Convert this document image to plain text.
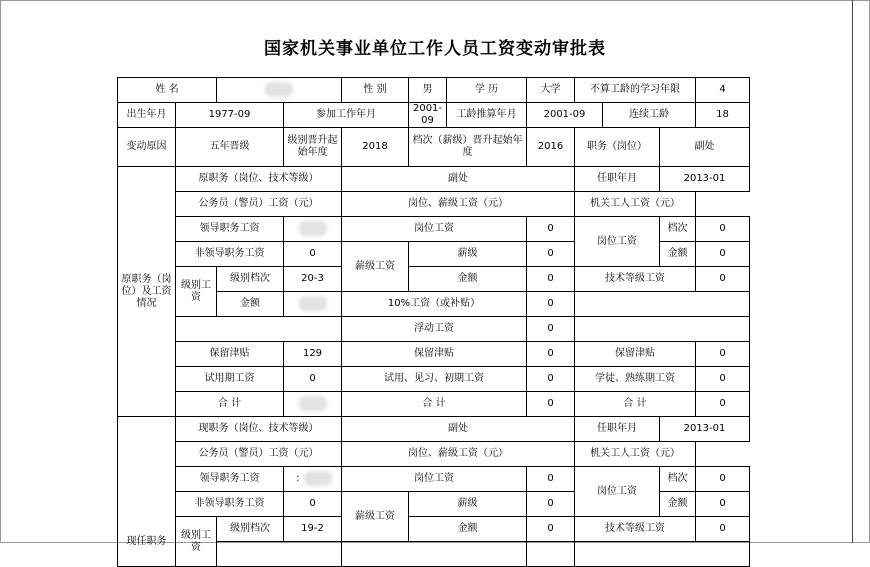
国家机关事业单位工作人员工资变动审批表
姓 名				性 别	男	学 历	大学	不算工龄的学习年限			4
出生年月	1977-09		参加工作年月		2001-09	工龄推算年月	2001-09		连续工龄		18
变动原因	五年晋级		级别晋升起始年度	2018	档次（薪级）晋升起始年度		2016	职务（岗位）		副处	
原职务（岗位）及工资情况	原职务（岗位、技术等级）			副处				任职年月		2013-01	
	公务员（警员）工资（元）			岗位、薪级工资（元）				机关工人工资（元）			
	领导职务工资			岗位工资			0	岗位工资		档次	0
	非领导职务工资		0	薪级工资	薪级		0			金额	0
	级别工资	级别档次	20-3		金额		0	技术等级工资			0
		金额		10%工资（或补贴）			0				
				浮动工资			0				
	保留津贴		129	保留津贴			0	保留津贴			0
	试用期工资		0	试用、见习、初期工资			0	学徒、熟练期工资			0
	合 计			合 计			0	合 计			0
现任职务	现职务（岗位、技术等级）			副处				任职年月		2013-01	
	公务员（警员）工资（元）			岗位、薪级工资（元）				机关工人工资（元）			
	领导职务工资		：	岗位工资			0	岗位工资		档次	0
	非领导职务工资		0	薪级工资	薪级		0			金额	0
	级别工资	级别档次	19-2		金额		0	技术等级工资			0
